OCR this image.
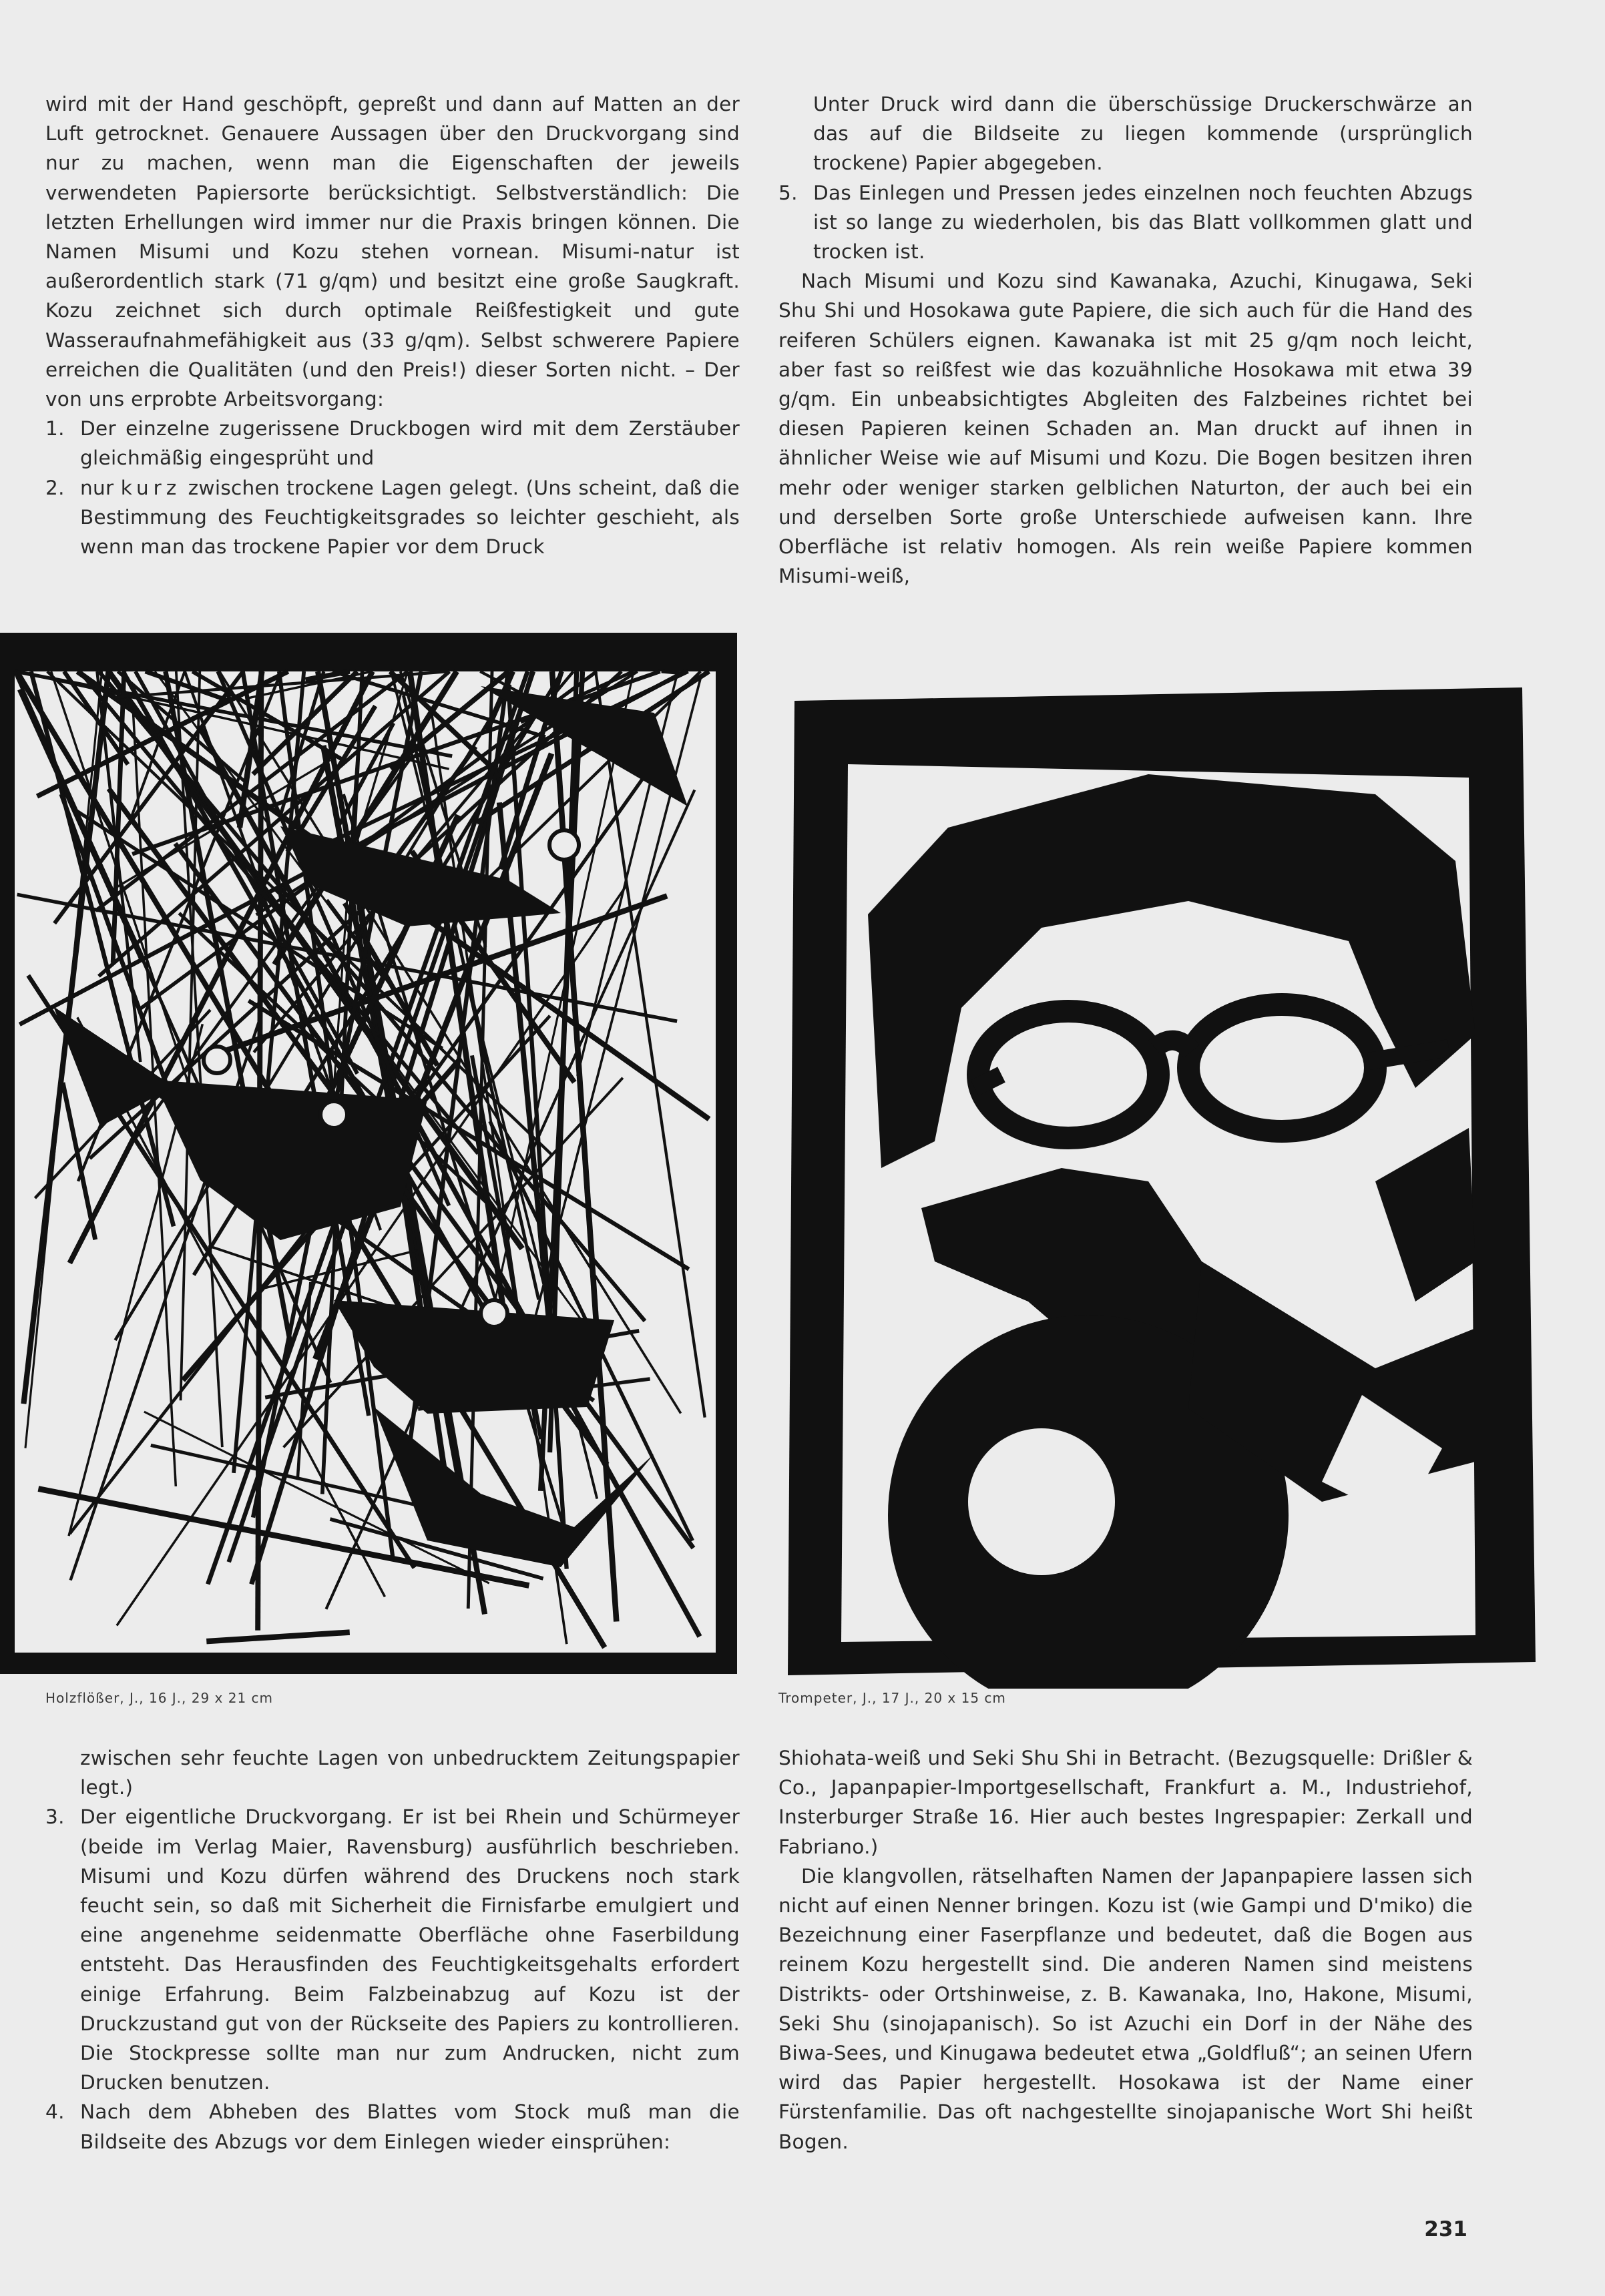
wird mit der Hand geschöpft, gepreßt und dann auf Matten an der Luft getrocknet. Genauere Aussagen über den Druckvorgang sind nur zu machen, wenn man die Eigenschaften der jeweils verwendeten Papiersorte berücksichtigt. Selbstverständlich: Die letzten Erhellungen wird immer nur die Praxis bringen können. Die Namen Misumi und Kozu stehen vornean. Misumi-natur ist außerordentlich stark (71 g/qm) und besitzt eine große Saugkraft. Kozu zeichnet sich durch optimale Reißfestigkeit und gute Wasseraufnahmefähigkeit aus (33 g/qm). Selbst schwerere Papiere erreichen die Qualitäten (und den Preis!) dieser Sorten nicht. – Der von uns erprobte Arbeitsvorgang:

1. Der einzelne zugerissene Druckbogen wird mit dem Zerstäuber gleichmäßig eingesprüht und

2. nur kurz zwischen trockene Lagen gelegt. (Uns scheint, daß die Bestimmung des Feuchtigkeitsgrades so leichter geschieht, als wenn man das trockene Papier vor dem Druck

Unter Druck wird dann die überschüssige Druckerschwärze an das auf die Bildseite zu liegen kommende (ursprünglich trockene) Papier abgegeben.

5. Das Einlegen und Pressen jedes einzelnen noch feuchten Abzugs ist so lange zu wiederholen, bis das Blatt vollkommen glatt und trocken ist.

Nach Misumi und Kozu sind Kawanaka, Azuchi, Kinugawa, Seki Shu Shi und Hosokawa gute Papiere, die sich auch für die Hand des reiferen Schülers eignen. Kawanaka ist mit 25 g/qm noch leicht, aber fast so reißfest wie das kozuähnliche Hosokawa mit etwa 39 g/qm. Ein unbeabsichtigtes Abgleiten des Falzbeines richtet bei diesen Papieren keinen Schaden an. Man druckt auf ihnen in ähnlicher Weise wie auf Misumi und Kozu. Die Bogen besitzen ihren mehr oder weniger starken gelblichen Naturton, der auch bei ein und derselben Sorte große Unterschiede aufweisen kann. Ihre Oberfläche ist relativ homogen. Als rein weiße Papiere kommen Misumi-weiß,

Holzflößer, J., 16 J., 29 x 21 cm	Trompeter, J., 17 J., 20 x 15 cm

zwischen sehr feuchte Lagen von unbedrucktem Zeitungspapier legt.)

3. Der eigentliche Druckvorgang. Er ist bei Rhein und Schürmeyer (beide im Verlag Maier, Ravensburg) ausführlich beschrieben. Misumi und Kozu dürfen während des Druckens noch stark feucht sein, so daß mit Sicherheit die Firnisfarbe emulgiert und eine angenehme seidenmatte Oberfläche ohne Faserbildung entsteht. Das Herausfinden des Feuchtigkeitsgehalts erfordert einige Erfahrung. Beim Falzbeinabzug auf Kozu ist der Druckzustand gut von der Rückseite des Papiers zu kontrollieren. Die Stockpresse sollte man nur zum Andrucken, nicht zum Drucken benutzen.

4. Nach dem Abheben des Blattes vom Stock muß man die Bildseite des Abzugs vor dem Einlegen wieder einsprühen:

Shiohata-weiß und Seki Shu Shi in Betracht. (Bezugsquelle: Drißler & Co., Japanpapier-Importgesellschaft, Frankfurt a. M., Industriehof, Insterburger Straße 16. Hier auch bestes Ingrespapier: Zerkall und Fabriano.)

Die klangvollen, rätselhaften Namen der Japanpapiere lassen sich nicht auf einen Nenner bringen. Kozu ist (wie Gampi und D'miko) die Bezeichnung einer Faserpflanze und bedeutet, daß die Bogen aus reinem Kozu hergestellt sind. Die anderen Namen sind meistens Distrikts- oder Ortshinweise, z. B. Kawanaka, Ino, Hakone, Misumi, Seki Shu (sinojapanisch). So ist Azuchi ein Dorf in der Nähe des Biwa-Sees, und Kinugawa bedeutet etwa „Goldfluß“; an seinen Ufern wird das Papier hergestellt. Hosokawa ist der Name einer Fürstenfamilie. Das oft nachgestellte sinojapanische Wort Shi heißt Bogen.

231
